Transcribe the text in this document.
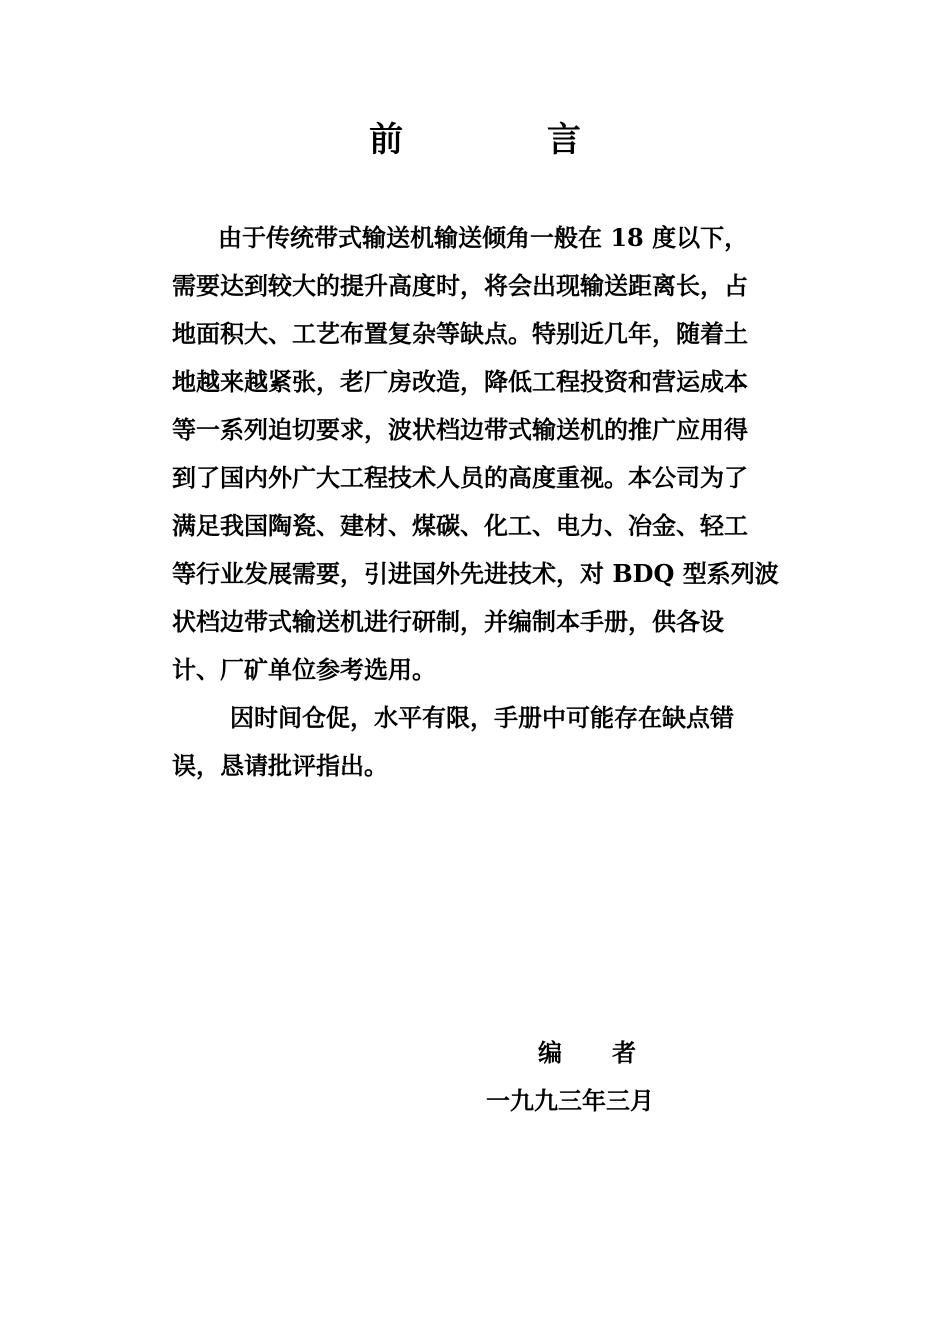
前 言
由于传统带式输送机输送倾角一般在 18 度以下，
需要达到较大的提升高度时，将会出现输送距离长，占
地面积大、工艺布置复杂等缺点。特别近几年，随着土
地越来越紧张，老厂房改造，降低工程投资和营运成本
等一系列迫切要求，波状档边带式输送机的推广应用得
到了国内外广大工程技术人员的高度重视。本公司为了
满足我国陶瓷、建材、煤碳、化工、电力、冶金、轻工
等行业发展需要，引进国外先进技术，对 BDQ 型系列波
状档边带式输送机进行研制，并编制本手册，供各设
计、厂矿单位参考选用。
因时间仓促，水平有限，手册中可能存在缺点错
误，恳请批评指出。
编者
一九九三年三月
